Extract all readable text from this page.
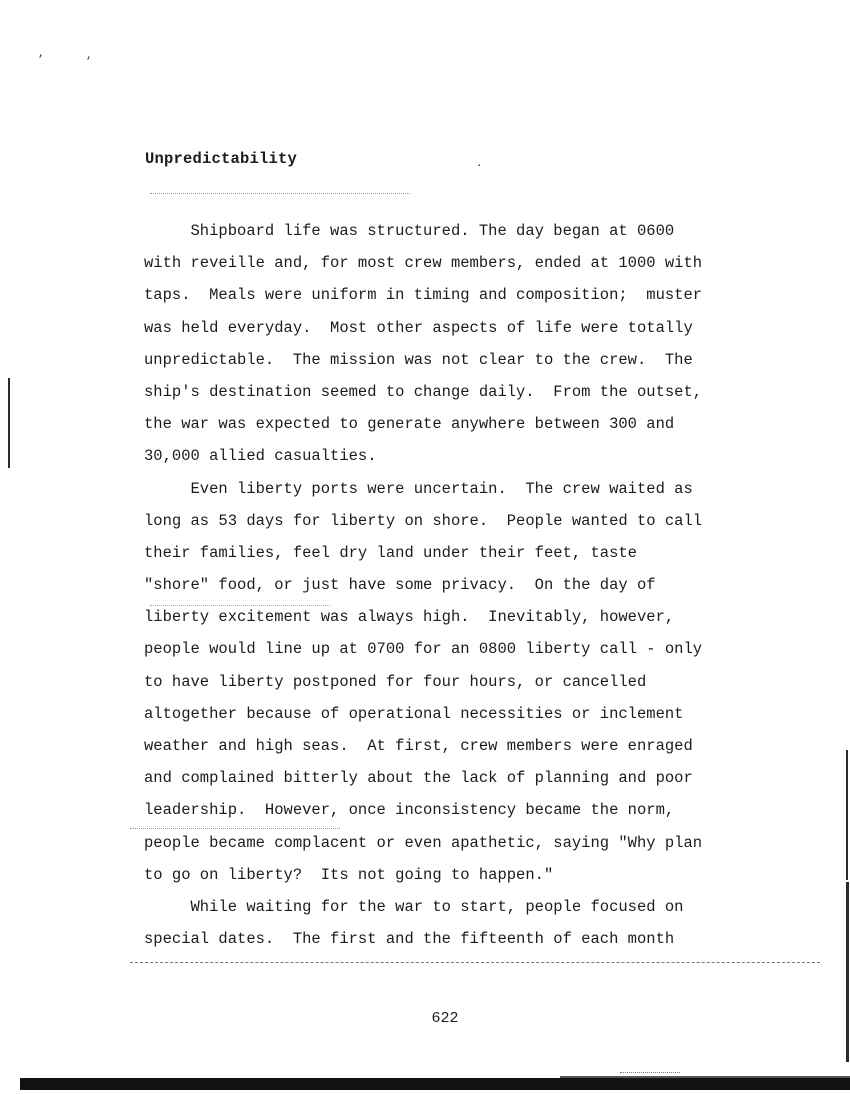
,	,
.
Unpredictability
Shipboard life was structured. The day began at 0600
with reveille and, for most crew members, ended at 1000 with
taps.  Meals were uniform in timing and composition;  muster
was held everyday.  Most other aspects of life were totally
unpredictable.  The mission was not clear to the crew.  The
ship's destination seemed to change daily.  From the outset,
the war was expected to generate anywhere between 300 and
30,000 allied casualties.
Even liberty ports were uncertain.  The crew waited as
long as 53 days for liberty on shore.  People wanted to call
their families, feel dry land under their feet, taste
"shore" food, or just have some privacy.  On the day of
liberty excitement was always high.  Inevitably, however,
people would line up at 0700 for an 0800 liberty call - only
to have liberty postponed for four hours, or cancelled
altogether because of operational necessities or inclement
weather and high seas.  At first, crew members were enraged
and complained bitterly about the lack of planning and poor
leadership.  However, once inconsistency became the norm,
people became complacent or even apathetic, saying "Why plan
to go on liberty?  Its not going to happen."
While waiting for the war to start, people focused on
special dates.  The first and the fifteenth of each month
622
